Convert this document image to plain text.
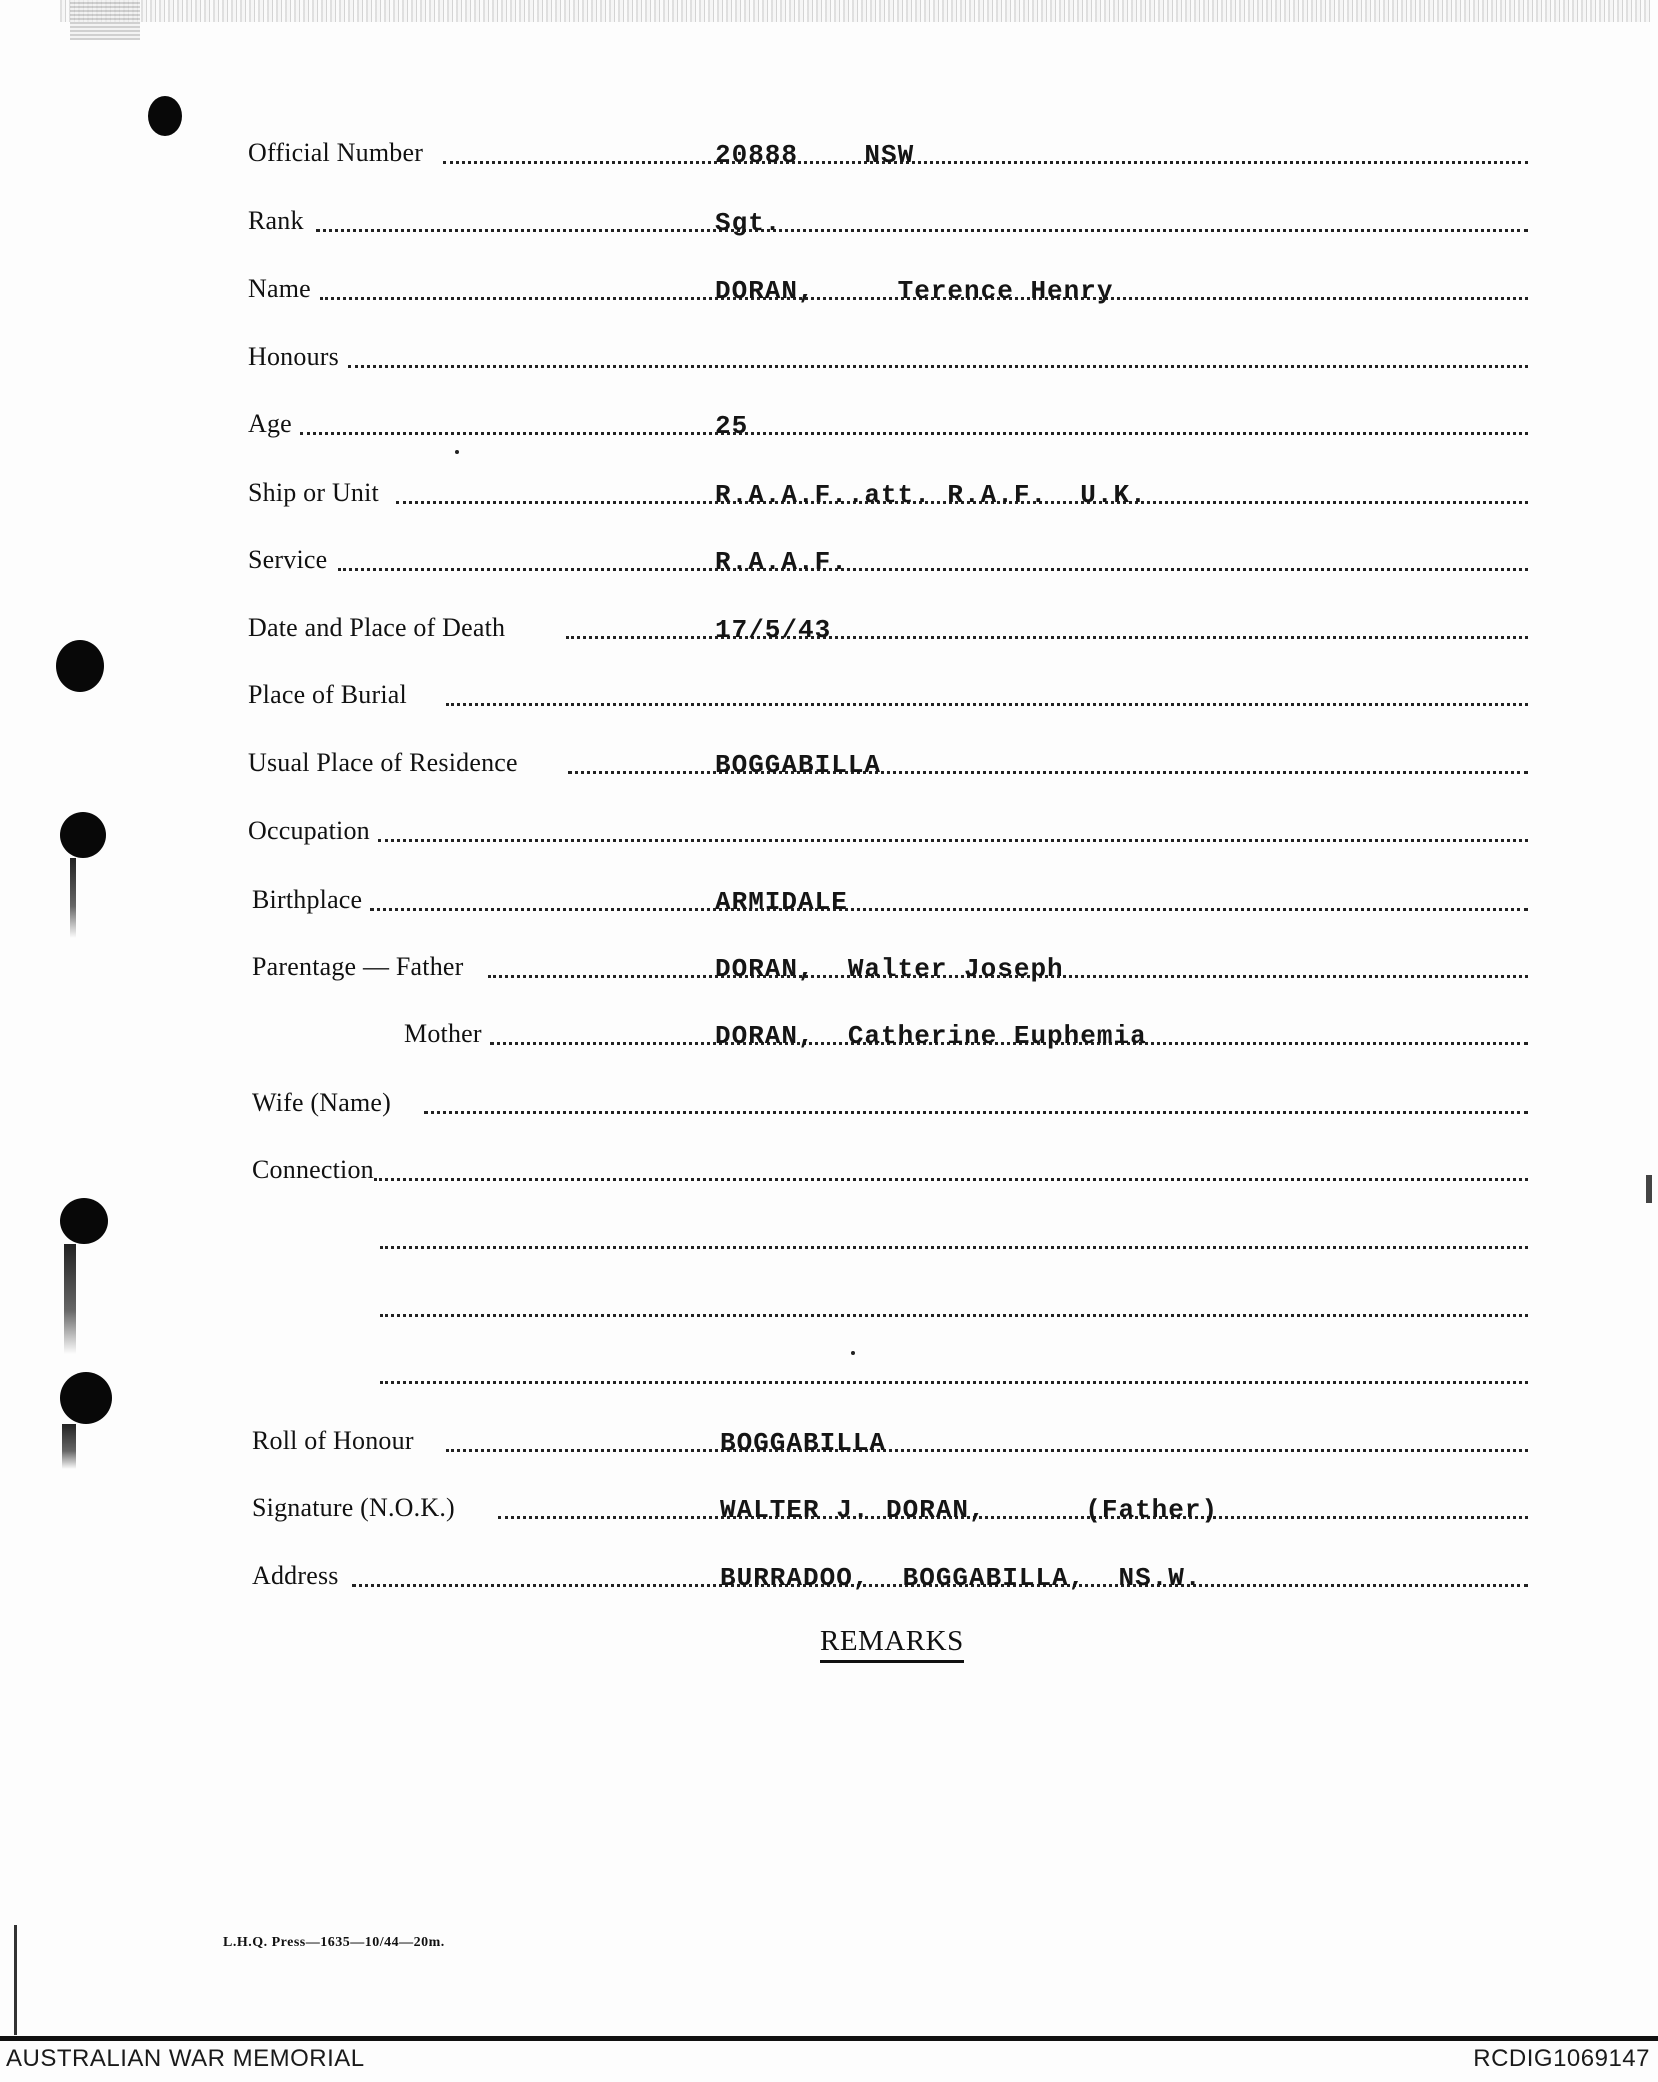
Official Number	20888    NSW
Rank	Sgt.
Name	DORAN,     Terence Henry
Honours
Age	25
Ship or Unit	R.A.A.F..att. R.A.F.  U.K.
Service	R.A.A.F.
Date and Place of Death	17/5/43
Place of Burial
Usual Place of Residence	BOGGABILLA
Occupation
Birthplace	ARMIDALE
Parentage — Father	DORAN,  Walter Joseph
Mother	DORAN,  Catherine Euphemia
Wife (Name)
Connection
Roll of Honour	BOGGABILLA
Signature (N.O.K.)	WALTER J. DORAN,      (Father)
Address	BURRADOO,  BOGGABILLA,  NS.W.
REMARKS
L.H.Q. Press—1635—10/44—20m.
AUSTRALIAN WAR MEMORIAL	RCDIG1069147
